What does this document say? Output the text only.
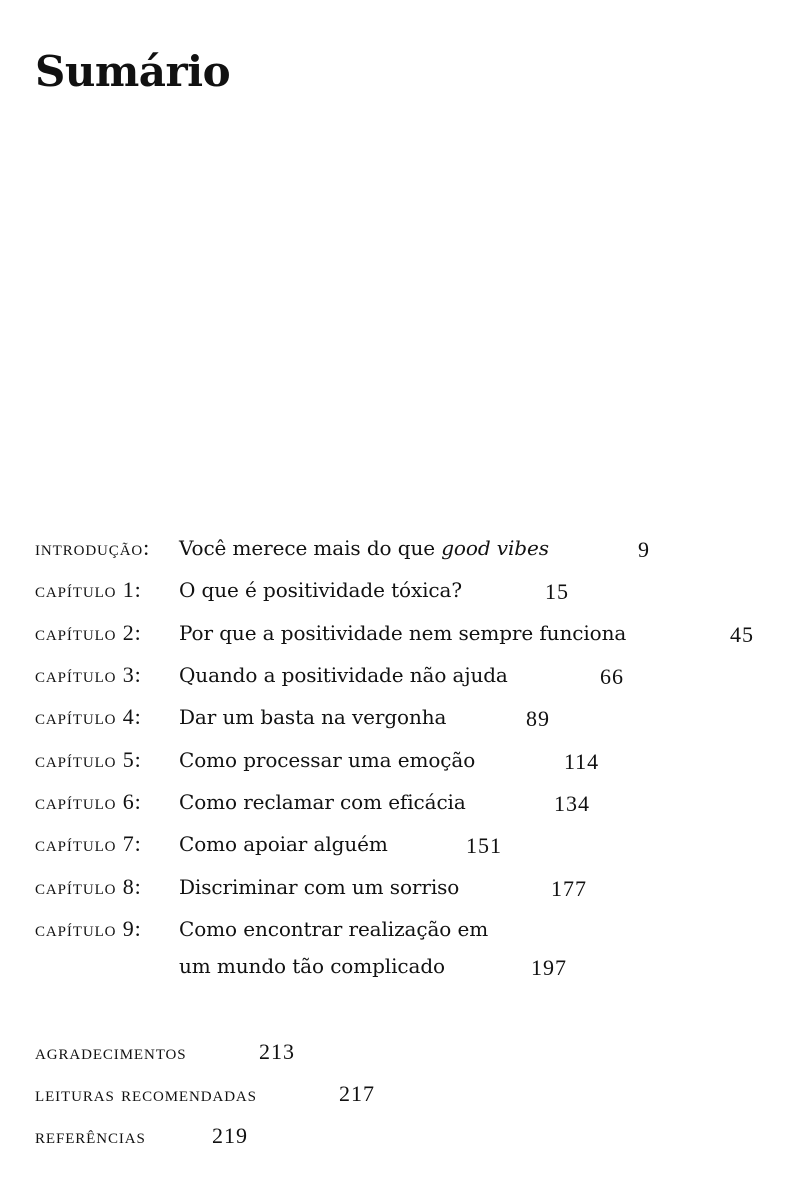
Sumário
introdução: Você merece mais do que good vibes	9
capítulo 1: O que é positividade tóxica?	15
capítulo 2: Por que a positividade nem sempre funciona	45
capítulo 3: Quando a positividade não ajuda	66
capítulo 4: Dar um basta na vergonha	89
capítulo 5: Como processar uma emoção	114
capítulo 6: Como reclamar com eficácia	134
capítulo 7: Como apoiar alguém	151
capítulo 8: Discriminar com um sorriso	177
capítulo 9: Como encontrar realização em
um mundo tão complicado	197
agradecimentos	213
leituras recomendadas	217
referências	219
